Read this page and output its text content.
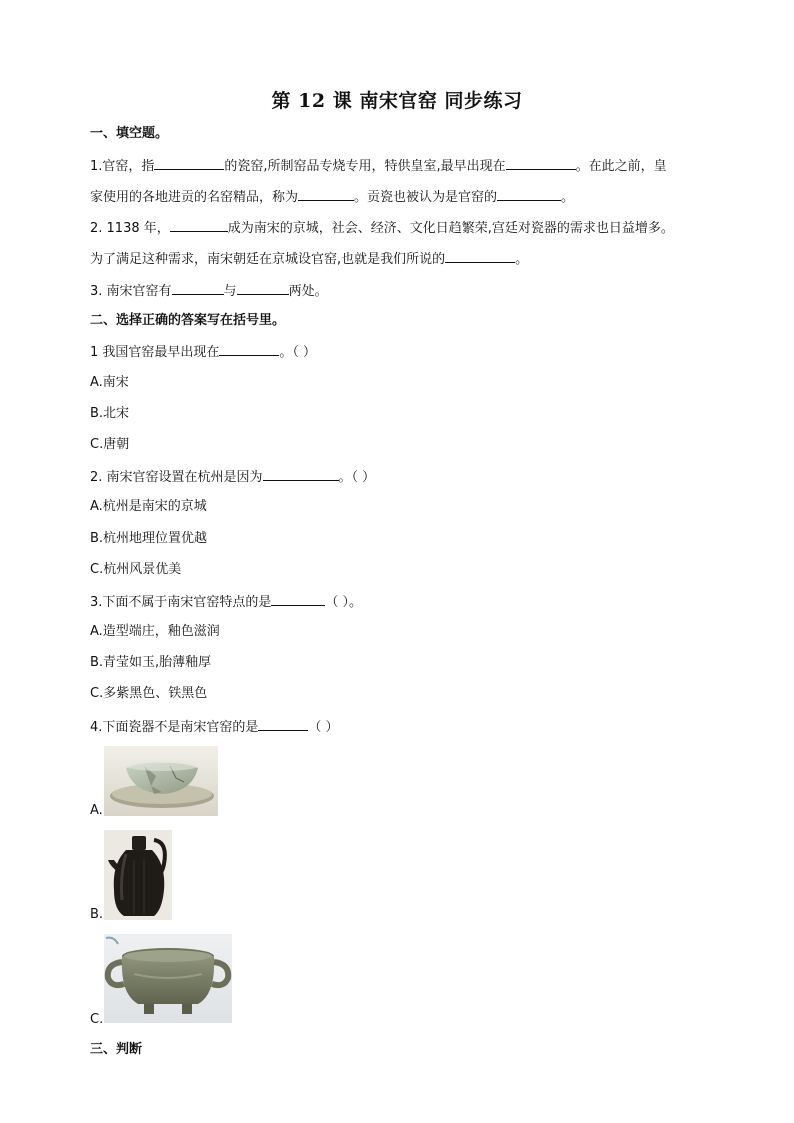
第 12 课 南宋官窑 同步练习
一、填空题。
1.官窑，指	的瓷窑,所制窑品专烧专用，特供皇室,最早出现在	。在此之前，皇
家使用的各地进贡的名窑精品，称为	。贡瓷也被认为是官窑的	。
2. 1138 年，	成为南宋的京城，社会、经济、文化日趋繁荣,宫廷对瓷器的需求也日益增多。
为了满足这种需求，南宋朝廷在京城设官窑,也就是我们所说的	。
3. 南宋官窑有	与	两处。
二、选择正确的答案写在括号里。
1 我国官窑最早出现在	。（ ）
A.南宋
B.北宋
C.唐朝
2. 南宋官窑设置在杭州是因为	。（ ）
A.杭州是南宋的京城
B.杭州地理位置优越
C.杭州风景优美
3.下面不属于南宋官窑特点的是	（ ）。
A.造型端庄，釉色滋润
B.青莹如玉,胎薄釉厚
C.多紫黑色、铁黑色
4.下面瓷器不是南宋官窑的是	（ ）
A.
B.
C.
三、判断
